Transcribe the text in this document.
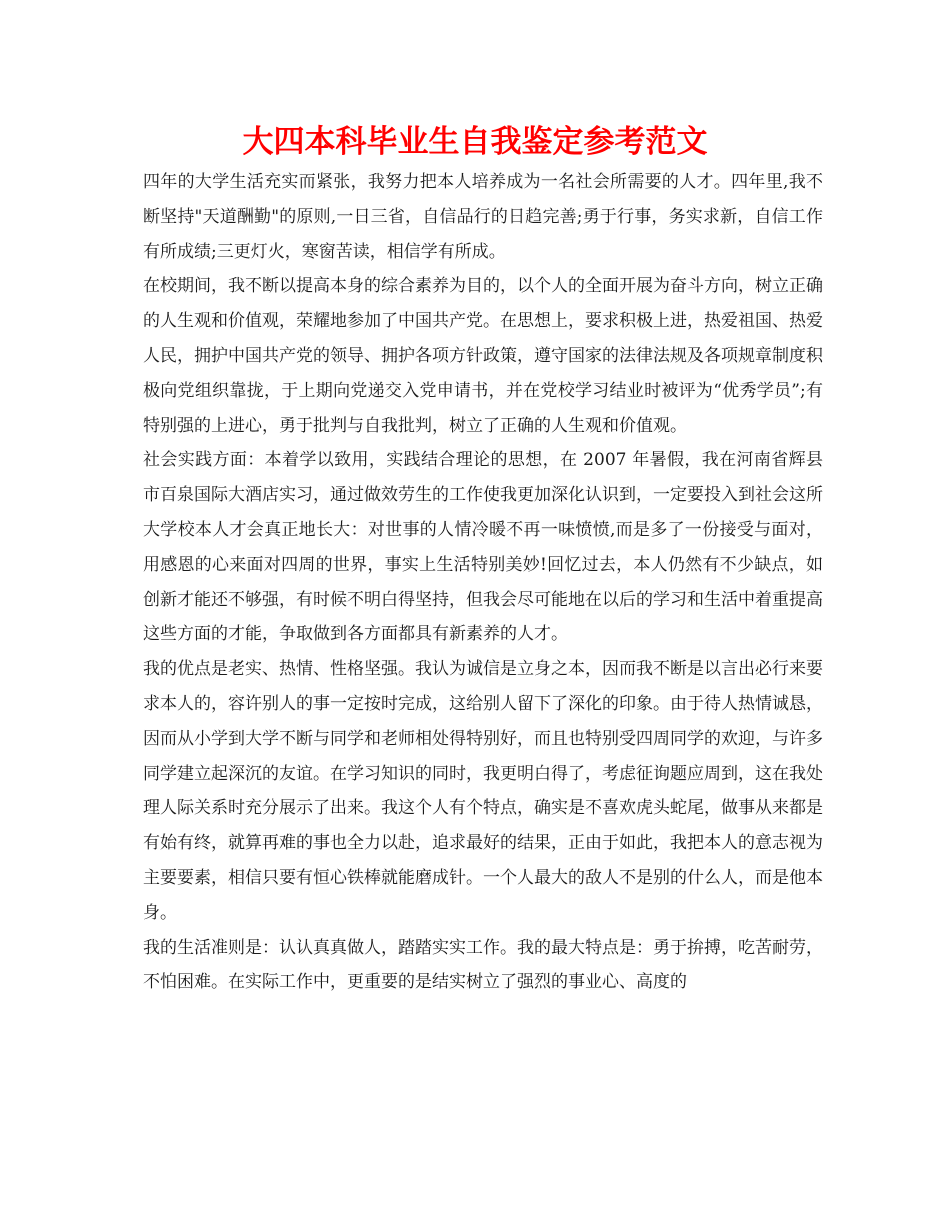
大四本科毕业生自我鉴定参考范文

四年的大学生活充实而紧张，我努力把本人培养成为一名社会所需要的人才。四年里,我不断坚持"天道酬勤"的原则,一日三省，自信品行的日趋完善;勇于行事，务实求新，自信工作有所成绩;三更灯火，寒窗苦读，相信学有所成。

在校期间，我不断以提高本身的综合素养为目的，以个人的全面开展为奋斗方向，树立正确的人生观和价值观，荣耀地参加了中国共产党。在思想上，要求积极上进，热爱祖国、热爱人民，拥护中国共产党的领导、拥护各项方针政策，遵守国家的法律法规及各项规章制度积极向党组织靠拢，于上期向党递交入党申请书，并在党校学习结业时被评为“优秀学员”;有特别强的上进心，勇于批判与自我批判，树立了正确的人生观和价值观。

社会实践方面：本着学以致用，实践结合理论的思想，在 2007 年暑假，我在河南省辉县市百泉国际大酒店实习，通过做效劳生的工作使我更加深化认识到，一定要投入到社会这所大学校本人才会真正地长大：对世事的人情冷暖不再一味愤愤,而是多了一份接受与面对，用感恩的心来面对四周的世界，事实上生活特别美妙!回忆过去，本人仍然有不少缺点，如创新才能还不够强，有时候不明白得坚持，但我会尽可能地在以后的学习和生活中着重提高这些方面的才能，争取做到各方面都具有新素养的人才。

我的优点是老实、热情、性格坚强。我认为诚信是立身之本，因而我不断是以言出必行来要求本人的，容许别人的事一定按时完成，这给别人留下了深化的印象。由于待人热情诚恳，因而从小学到大学不断与同学和老师相处得特别好，而且也特别受四周同学的欢迎，与许多同学建立起深沉的友谊。在学习知识的同时，我更明白得了，考虑征询题应周到，这在我处理人际关系时充分展示了出来。我这个人有个特点，确实是不喜欢虎头蛇尾，做事从来都是有始有终，就算再难的事也全力以赴，追求最好的结果，正由于如此，我把本人的意志视为主要要素，相信只要有恒心铁棒就能磨成针。一个人最大的敌人不是别的什么人，而是他本身。

我的生活准则是：认认真真做人，踏踏实实工作。我的最大特点是：勇于拚搏，吃苦耐劳，不怕困难。在实际工作中，更重要的是结实树立了强烈的事业心、高度的
